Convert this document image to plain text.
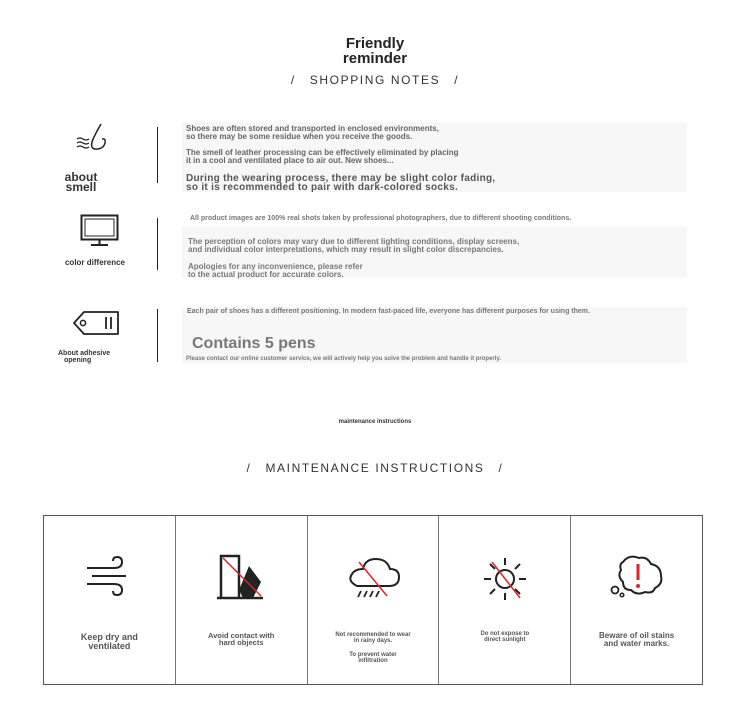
Friendly
reminder
/ SHOPPING NOTES /
about
smell
Shoes are often stored and transported in enclosed environments,
so there may be some residue when you receive the goods.
The smell of leather processing can be effectively eliminated by placing
it in a cool and ventilated place to air out. New shoes...
During the wearing process, there may be slight color fading,
so it is recommended to pair with dark-colored socks.
color difference
All product images are 100% real shots taken by professional photographers, due to different shooting conditions.
The perception of colors may vary due to different lighting conditions, display screens,
and individual color interpretations, which may result in slight color discrepancies.
Apologies for any inconvenience, please refer
to the actual product for accurate colors.
About adhesive
opening
Each pair of shoes has a different positioning. In modern fast-paced life, everyone has different purposes for using them.
Contains 5 pens
Please contact our online customer service, we will actively help you solve the problem and handle it properly.
maintenance instructions
/ MAINTENANCE INSTRUCTIONS /
Keep dry and
ventilated
Avoid contact with
hard objects
Not recommended to wear
in rainy days.
To prevent water
infiltration
Do not expose to
direct sunlight	Beware of oil stains
and water marks.
